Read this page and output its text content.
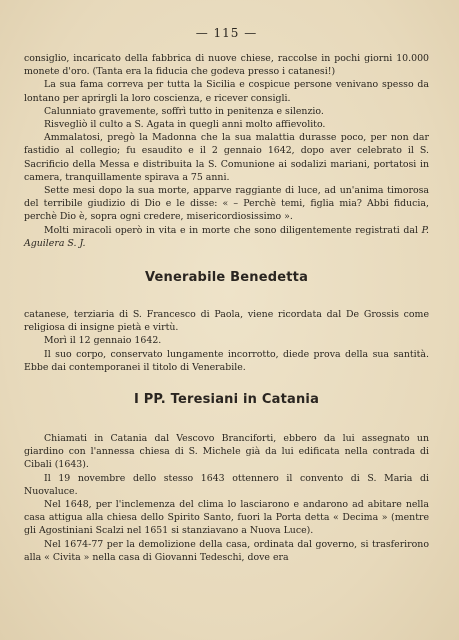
— 115 —

consiglio, incaricato della fabbrica di nuove chiese, raccolse in pochi giorni 10.000 monete d'oro. (Tanta era la fiducia che godeva presso i catanesi!)

La sua fama correva per tutta la Sicilia e cospicue persone venivano spesso da lontano per aprirgli la loro coscienza, e ricever consigli.

Calunniato gravemente, soffrì tutto in penitenza e silenzio.

Risvegliò il culto a S. Agata in quegli anni molto affievolito.

Ammalatosi, pregò la Madonna che la sua malattia durasse poco, per non dar fastidio al collegio; fu esaudito e il 2 gennaio 1642, dopo aver celebrato il S. Sacrificio della Messa e distribuita la S. Comunione ai sodalizi mariani, portatosi in camera, tranquillamente spirava a 75 anni.

Sette mesi dopo la sua morte, apparve raggiante di luce, ad un'anima timorosa del terribile giudizio di Dio e le disse: « – Perchè temi, figlia mia? Abbi fiducia, perchè Dio è, sopra ogni credere, misericordiosissimo ».

Molti miracoli operò in vita e in morte che sono diligentemente registrati dal P. Aguilera S. J.

Venerabile Benedetta

catanese, terziaria di S. Francesco di Paola, viene ricordata dal De Grossis come religiosa di insigne pietà e virtù.

Morì il 12 gennaio 1642.

Il suo corpo, conservato lungamente incorrotto, diede prova della sua santità. Ebbe dai contemporanei il titolo di Venerabile.

I PP. Teresiani in Catania

Chiamati in Catania dal Vescovo Branciforti, ebbero da lui assegnato un giardino con l'annessa chiesa di S. Michele già da lui edificata nella contrada di Cibali (1643).

Il 19 novembre dello stesso 1643 ottennero il convento di S. Maria di Nuovaluce.

Nel 1648, per l'inclemenza del clima lo lasciarono e andarono ad abitare nella casa attigua alla chiesa dello Spirito Santo, fuori la Porta detta « Decima » (mentre gli Agostiniani Scalzi nel 1651 si stanziavano a Nuova Luce).

Nel 1674-77 per la demolizione della casa, ordinata dal governo, si trasferirono alla « Civita » nella casa di Giovanni Tedeschi, dove era
